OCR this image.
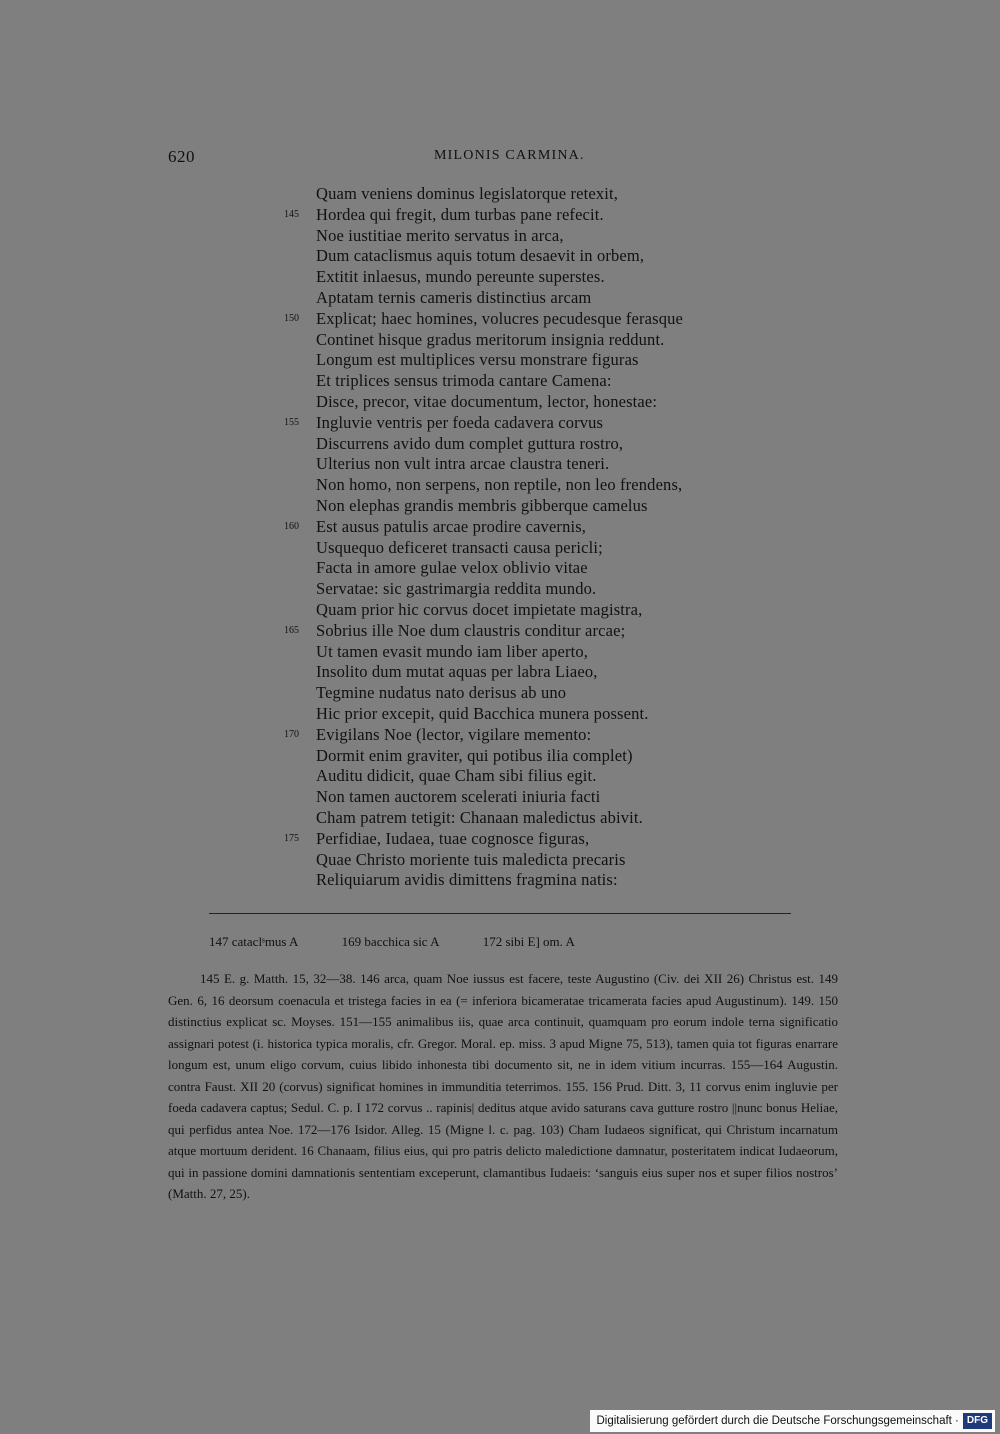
620	MILONIS CARMINA.
Quam veniens dominus legislatorque retexit,
145	Hordea qui fregit, dum turbas pane refecit.
Noe iustitiae merito servatus in arca,
Dum cataclismus aquis totum desaevit in orbem,
Extitit inlaesus, mundo pereunte superstes.
Aptatam ternis cameris distinctius arcam
150	Explicat; haec homines, volucres pecudesque ferasque
Continet hisque gradus meritorum insignia reddunt.
Longum est multiplices versu monstrare figuras
Et triplices sensus trimoda cantare Camena:
Disce, precor, vitae documentum, lector, honestae:
155	Ingluvie ventris per foeda cadavera corvus
Discurrens avido dum complet guttura rostro,
Ulterius non vult intra arcae claustra teneri.
Non homo, non serpens, non reptile, non leo frendens,
Non elephas grandis membris gibberque camelus
160	Est ausus patulis arcae prodire cavernis,
Usquequo deficeret transacti causa pericli;
Facta in amore gulae velox oblivio vitae
Servatae: sic gastrimargia reddita mundo.
Quam prior hic corvus docet impietate magistra,
165	Sobrius ille Noe dum claustris conditur arcae;
Ut tamen evasit mundo iam liber aperto,
Insolito dum mutat aquas per labra Liaeo,
Tegmine nudatus nato derisus ab uno
Hic prior excepit, quid Bacchica munera possent.
170	Evigilans Noe (lector, vigilare memento:
Dormit enim graviter, qui potibus ilia complet)
Auditu didicit, quae Cham sibi filius egit.
Non tamen auctorem scelerati iniuria facti
Cham patrem tetigit: Chanaan maledictus abivit.
175	Perfidiae, Iudaea, tuae cognosce figuras,
Quae Christo moriente tuis maledicta precaris
Reliquiarum avidis dimittens fragmina natis:
147 cataclˢmus A	169 bacchica sic A	172 sibi E] om. A
145 E. g. Matth. 15, 32—38. 146 arca, quam Noe iussus est facere, teste Augustino (Civ. dei XII 26) Christus est. 149 Gen. 6, 16 deorsum coenacula et tristega facies in ea (= inferiora bicameratae tricamerata facies apud Augustinum). 149. 150 distinctius explicat sc. Moyses. 151—155 animalibus iis, quae arca continuit, quamquam pro eorum indole terna significatio assignari potest (i. historica typica moralis, cfr. Gregor. Moral. ep. miss. 3 apud Migne 75, 513), tamen quia tot figuras enarrare longum est, unum eligo corvum, cuius libido inhonesta tibi documento sit, ne in idem vitium incurras. 155—164 Augustin. contra Faust. XII 20 (corvus) significat homines in immunditia teterrimos. 155. 156 Prud. Ditt. 3, 11 corvus enim ingluvie per foeda cadavera captus; Sedul. C. p. I 172 corvus .. rapinis| deditus atque avido saturans cava gutture rostro ||nunc bonus Heliae, qui perfidus antea Noe. 172—176 Isidor. Alleg. 15 (Migne l. c. pag. 103) Cham Iudaeos significat, qui Christum incarnatum atque mortuum derident. 16 Chanaam, filius eius, qui pro patris delicto maledictione damnatur, posteritatem indicat Iudaeorum, qui in passione domini damnationis sententiam exceperunt, clamantibus Iudaeis: ‘sanguis eius super nos et super filios nostros’ (Matth. 27, 25).
Digitalisierung gefördert durch die Deutsche Forschungsgemeinschaft · DFG
